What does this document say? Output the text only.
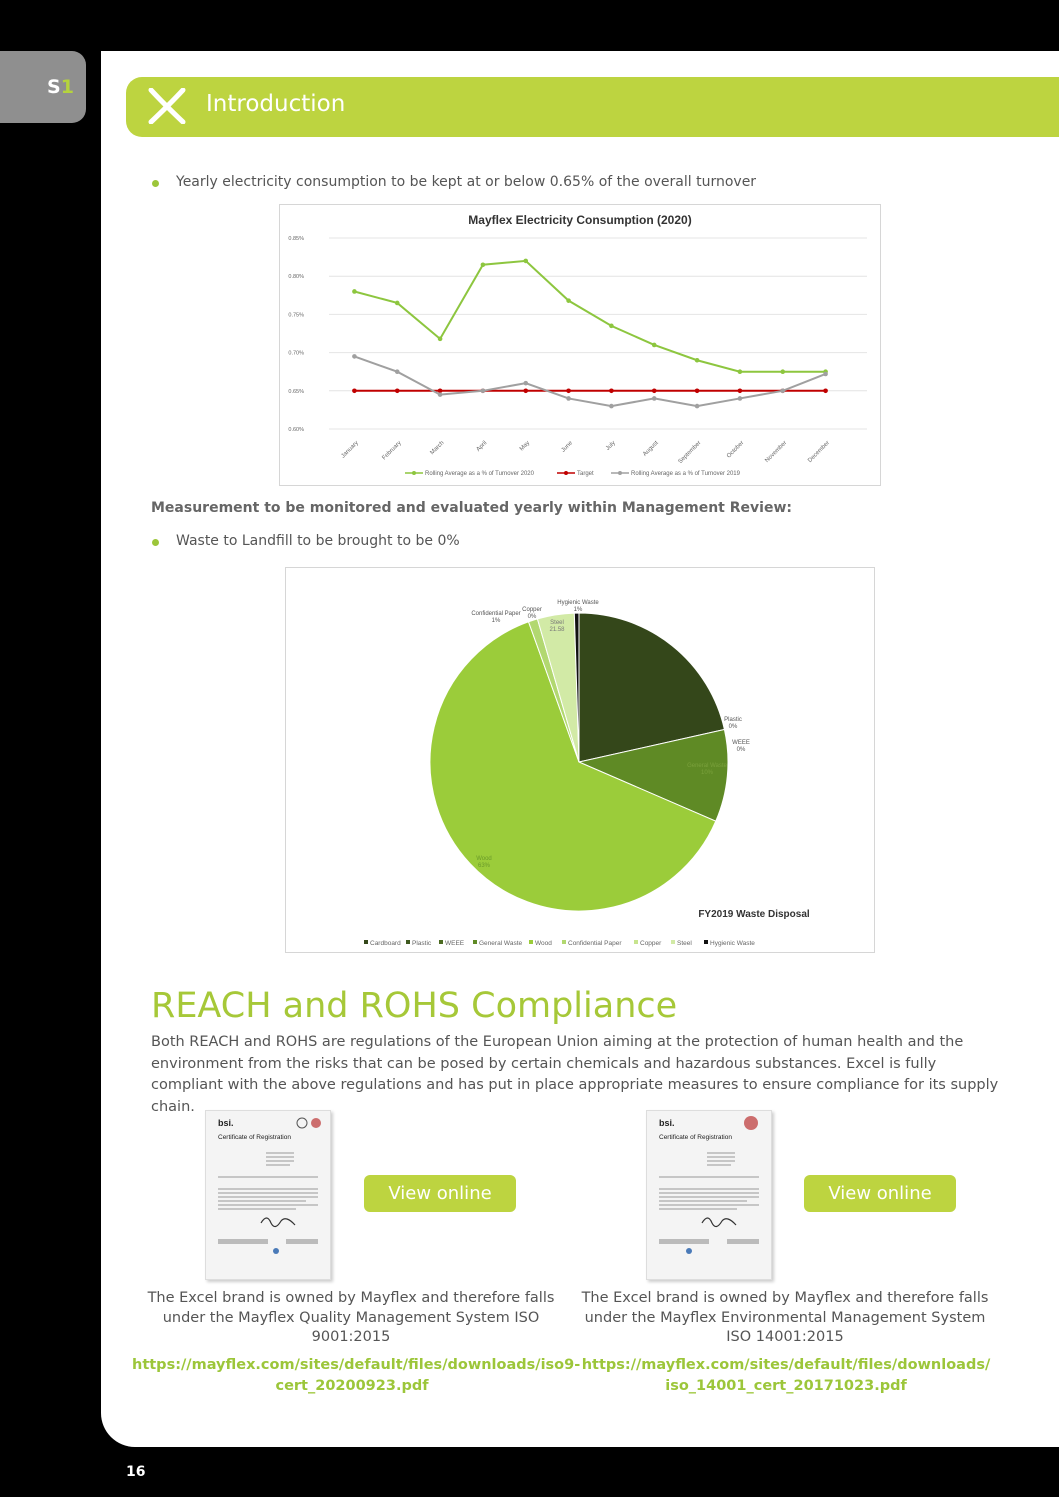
S1
Introduction
Yearly electricity consumption to be kept at or below 0.65% of the overall turnover
Mayflex Electricity Consumption (2020)
0.60%
0.65%
0.70%
0.75%
0.80%
0.85%
January	February	March	April	May	June	July	August	September	October	November	December
Rolling Average as a % of Turnover 2020	Target	Rolling Average as a % of Turnover 2019
Measurement to be monitored and evaluated yearly within Management Review:
Waste to Landfill to be brought to be 0%
Hygienic Waste
1%
Copper
0%
Confidential Paper
1%	Steel
21.58
Plastic
0%
WEEE
0%
General Waste
10%
Wood
63%
FY2019 Waste Disposal
Cardboard Plastic WEEE General Waste Wood Confidential Paper	Copper Steel	Hygienic Waste
REACH and ROHS Compliance
Both REACH and ROHS are regulations of the European Union aiming at the protection of human health and the environment from the risks that can be posed by certain chemicals and hazardous substances. Excel is fully compliant with the above regulations and has put in place appropriate measures to ensure compliance for its supply chain.
bsi.
Certificate of Registration
View online
The Excel brand is owned by Mayflex and therefore falls under the Mayflex Quality Management System ISO 9001:2015
https://mayflex.com/sites/default/files/downloads/iso9-
cert_20200923.pdf
bsi.
Certificate of Registration
View online
The Excel brand is owned by Mayflex and therefore falls under the Mayflex Environmental Management System ISO 14001:2015
https://mayflex.com/sites/default/files/downloads/
iso_14001_cert_20171023.pdf
16
